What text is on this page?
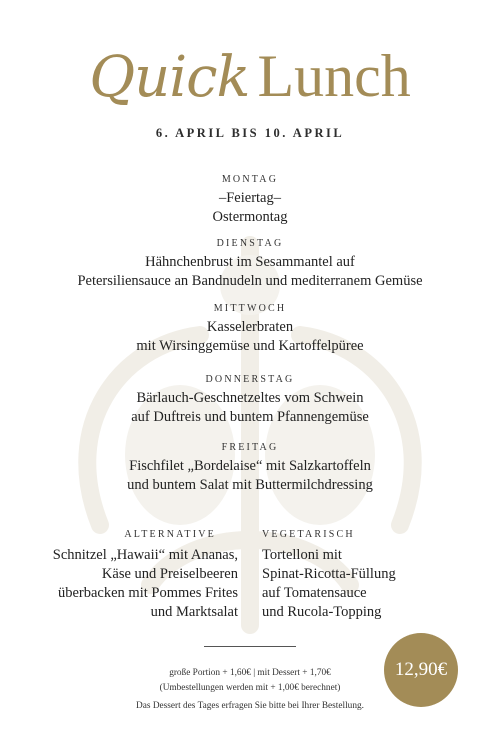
Quick Lunch
6. APRIL BIS 10. APRIL
MONTAG
–Feiertag–
Ostermontag
DIENSTAG
Hähnchenbrust im Sesammantel auf
Petersiliensauce an Bandnudeln und mediterranem Gemüse
MITTWOCH
Kasselerbraten
mit Wirsinggemüse und Kartoffelpüree
DONNERSTAG
Bärlauch-Geschnetzeltes vom Schwein
auf Duftreis und buntem Pfannengemüse
FREITAG
Fischfilet „Bordelaise“ mit Salzkartoffeln
und buntem Salat mit Buttermilchdressing
ALTERNATIVE
Schnitzel „Hawaii“ mit Ananas,
Käse und Preiselbeeren
überbacken mit Pommes Frites
und Marktsalat
VEGETARISCH
Tortelloni mit
Spinat-Ricotta-Füllung
auf Tomatensauce
und Rucola-Topping
große Portion + 1,60€ | mit Dessert + 1,70€
(Umbestellungen werden mit + 1,00€ berechnet)
Das Dessert des Tages erfragen Sie bitte bei Ihrer Bestellung.
12,90€
